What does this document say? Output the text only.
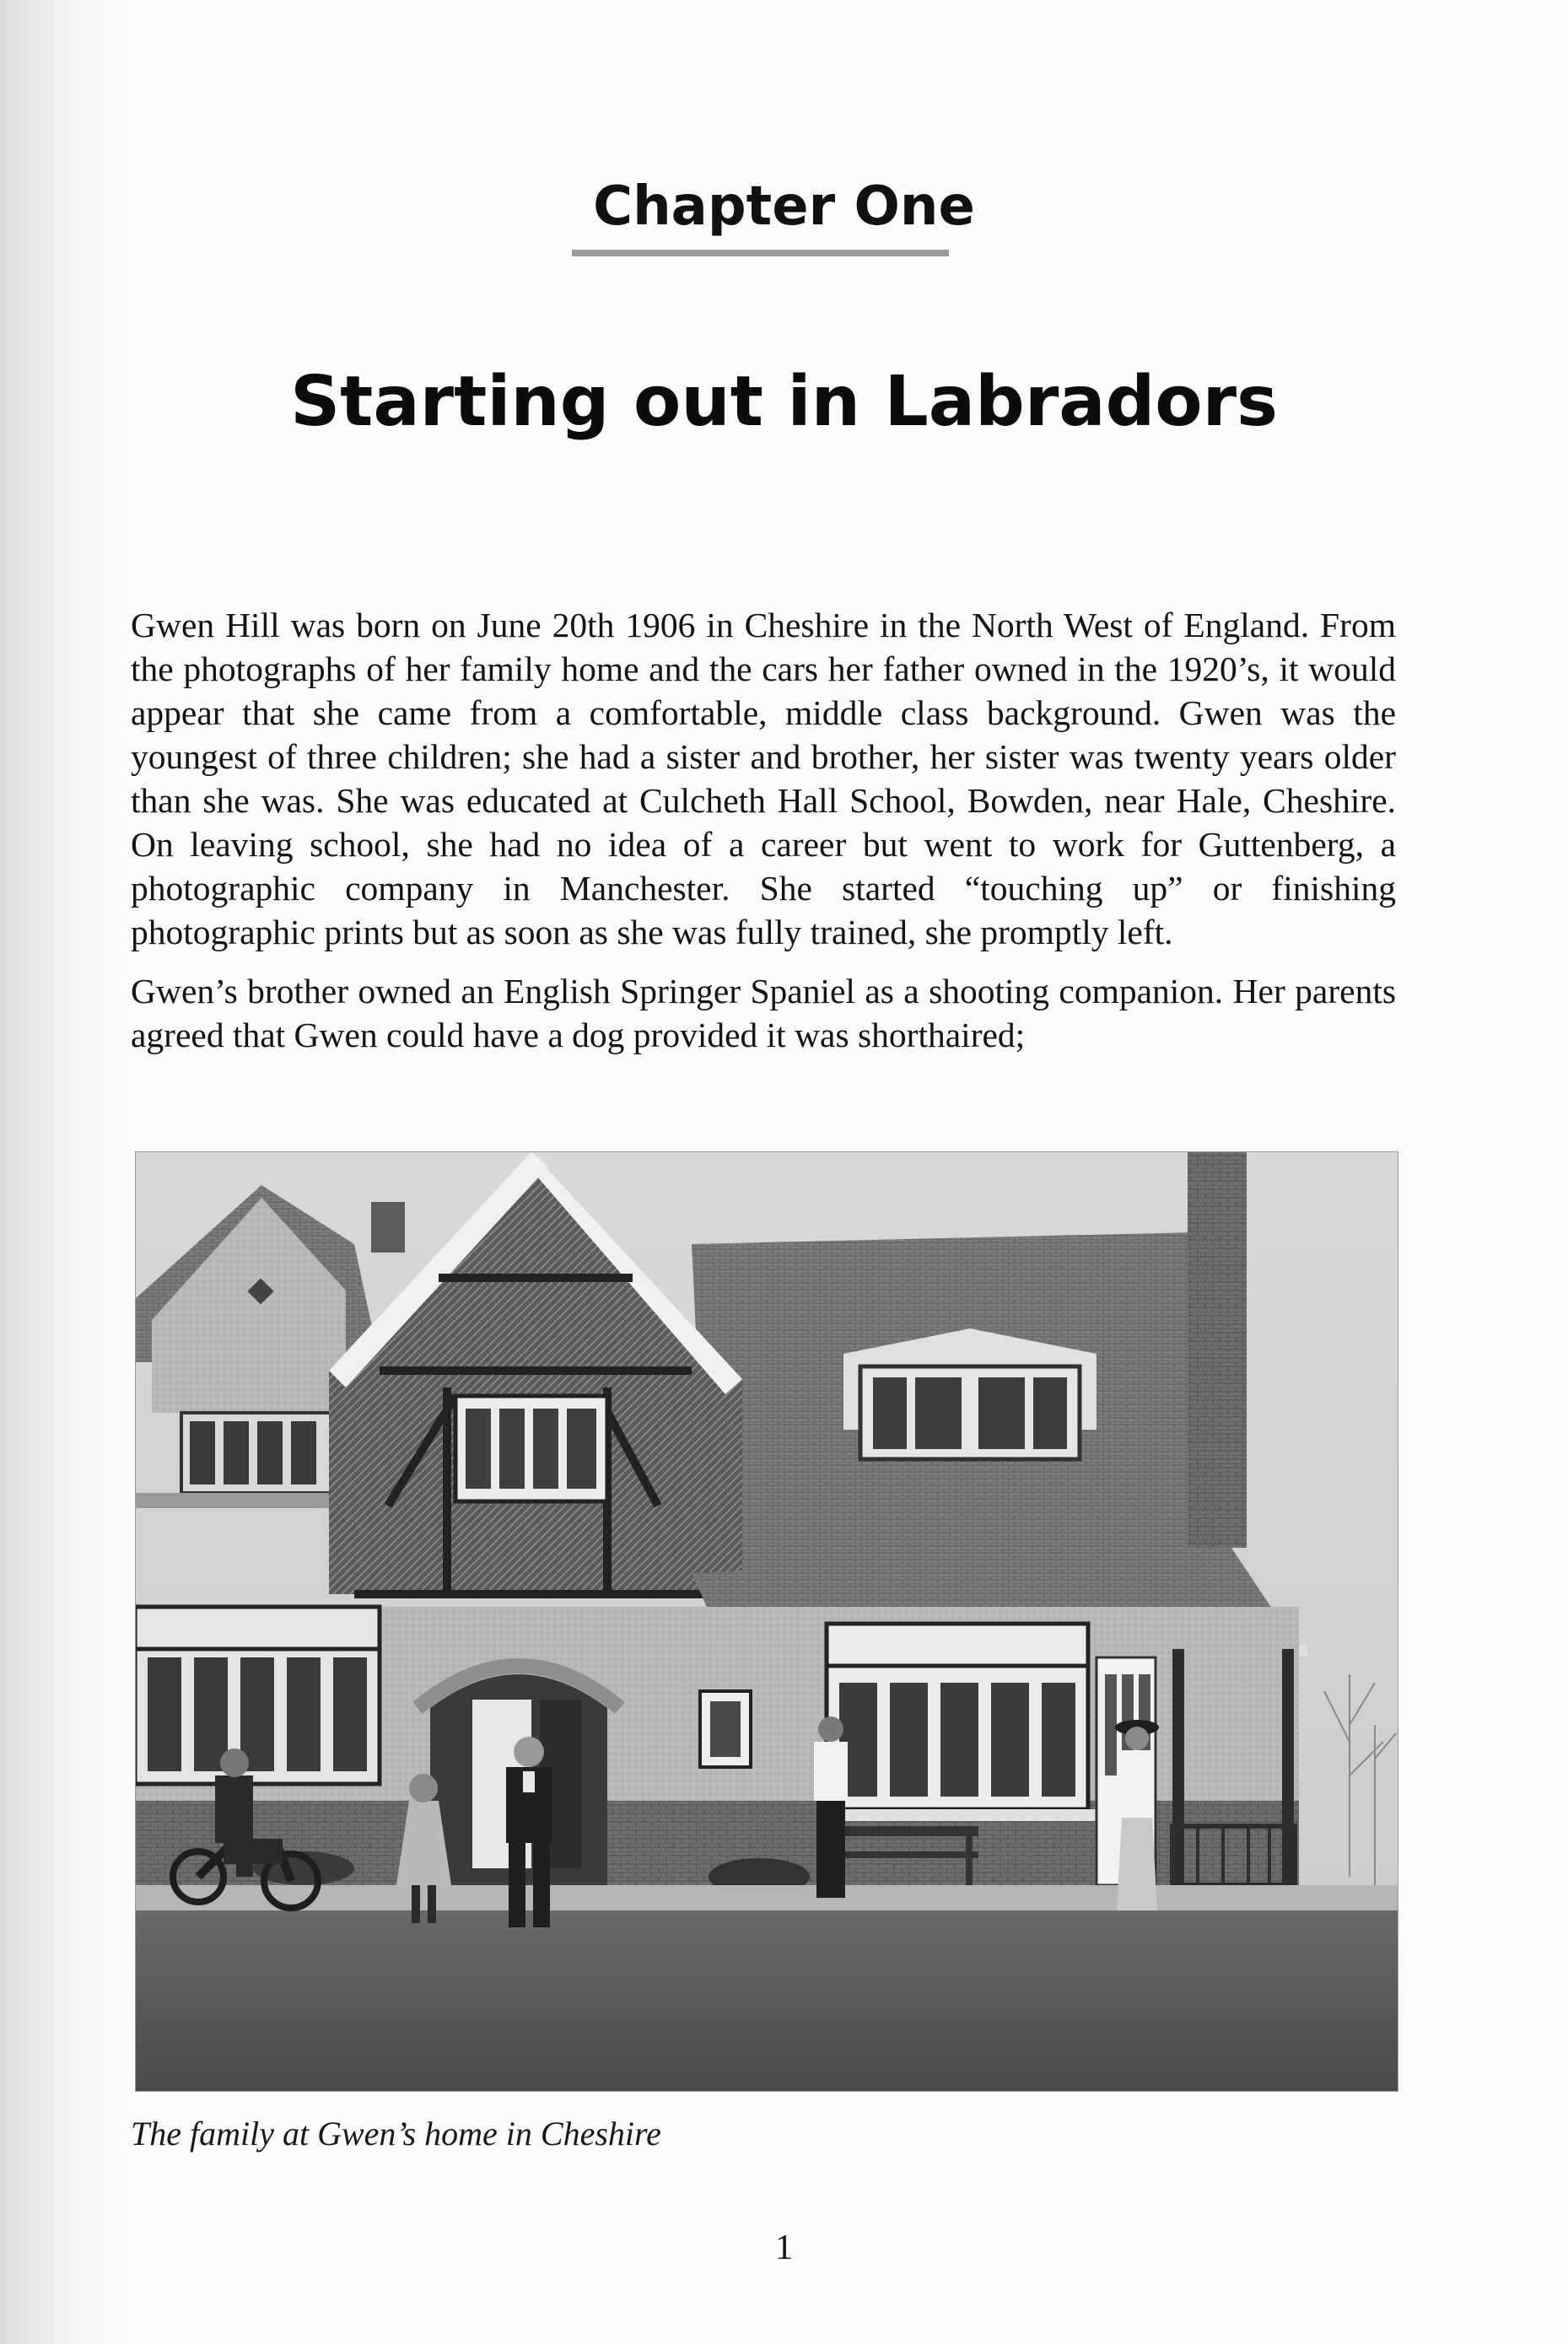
Chapter One
Starting out in Labradors

Gwen Hill was born on June 20th 1906 in Cheshire in the North West of England. From the photographs of her family home and the cars her father owned in the 1920’s, it would appear that she came from a comfortable, middle class background. Gwen was the youngest of three children; she had a sister and brother, her sister was twenty years older than she was. She was educated at Culcheth Hall School, Bowden, near Hale, Cheshire. On leaving school, she had no idea of a career but went to work for Guttenberg, a photographic company in Manchester. She started “touching up” or finishing photographic prints but as soon as she was fully trained, she promptly left.

Gwen’s brother owned an English Springer Spaniel as a shooting companion. Her parents agreed that Gwen could have a dog provided it was shorthaired;

The family at Gwen’s home in Cheshire
1
